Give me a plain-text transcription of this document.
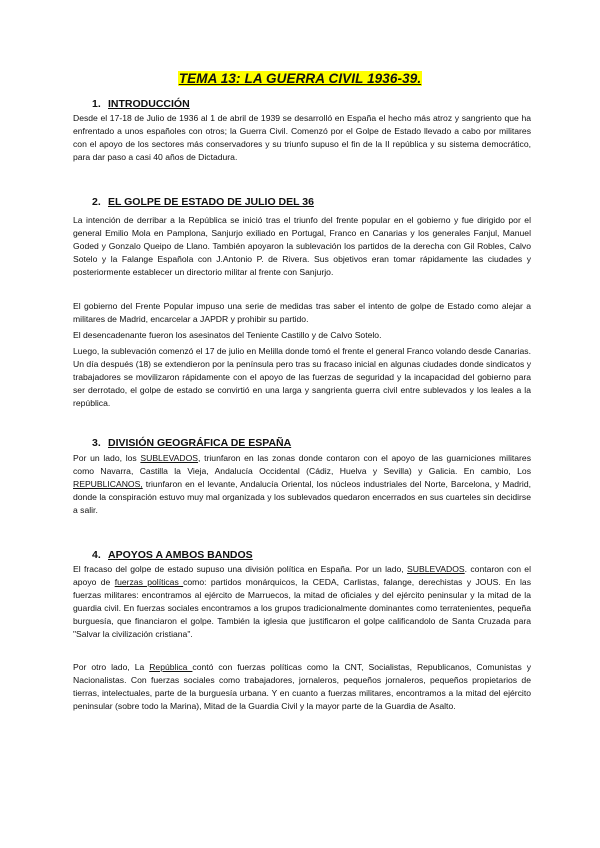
TEMA 13: LA GUERRA CIVIL 1936-39.
1. INTRODUCCIÓN

Desde el 17-18 de Julio de 1936 al 1 de abril de 1939 se desarrolló en España el hecho más atroz y sangriento que ha enfrentado a unos españoles con otros; la Guerra Civil. Comenzó por el Golpe de Estado llevado a cabo por militares con el apoyo de los sectores más conservadores y su triunfo supuso el fin de la II república y su sistema democrático, para dar paso a casi 40 años de Dictadura.

2. EL GOLPE DE ESTADO DE JULIO DEL 36

La intención de derribar a la República se inició tras el triunfo del frente popular en el gobierno y fue dirigido por el general Emilio Mola en Pamplona, Sanjurjo exiliado en Portugal, Franco en Canarias y los generales Fanjul, Manuel Goded y Gonzalo Queipo de Llano. También apoyaron la sublevación los partidos de la derecha con Gil Robles, Calvo Sotelo y la Falange Española con J.Antonio P. de Rivera. Sus objetivos eran tomar rápidamente las ciudades y posteriormente establecer un directorio militar al frente con Sanjurjo.

El gobierno del Frente Popular impuso una serie de medidas tras saber el intento de golpe de Estado como alejar a militares de Madrid, encarcelar a JAPDR y prohibir su partido.

El desencadenante fueron los asesinatos del Teniente Castillo y de Calvo Sotelo.

Luego, la sublevación comenzó el 17 de julio en Melilla donde tomó el frente el general Franco volando desde Canarias. Un día después (18) se extendieron por la península pero tras su fracaso inicial en algunas ciudades donde sindicatos y trabajadores se movilizaron rápidamente con el apoyo de las fuerzas de seguridad y la incapacidad del gobierno para ser derrotado, el golpe de estado se convirtió en una larga y sangrienta guerra civil entre sublevados y los leales a la república.

3. DIVISIÓN GEOGRÁFICA DE ESPAÑA

Por un lado, los SUBLEVADOS, triunfaron en las zonas donde contaron con el apoyo de las guarniciones militares como Navarra, Castilla la Vieja, Andalucía Occidental (Cádiz, Huelva y Sevilla) y Galicia. En cambio, Los REPUBLICANOS, triunfaron en el levante, Andalucía Oriental, los núcleos industriales del Norte, Barcelona, y Madrid, donde la conspiración estuvo muy mal organizada y los sublevados quedaron encerrados en sus cuarteles sin decidirse a salir.

4. APOYOS A AMBOS BANDOS

El fracaso del golpe de estado supuso una división política en España. Por un lado, SUBLEVADOS. contaron con el apoyo de fuerzas políticas como: partidos monárquicos, la CEDA, Carlistas, falange, derechistas y JOUS. En las fuerzas militares: encontramos al ejército de Marruecos, la mitad de oficiales y del ejército peninsular y la mitad de la guardia civil. En fuerzas sociales encontramos a los grupos tradicionalmente dominantes como terratenientes, pequeña burguesía, que financiaron el golpe. También la iglesia que justificaron el golpe calificandolo de Santa Cruzada para "Salvar la civilización cristiana".

Por otro lado, La República contó con fuerzas políticas como la CNT, Socialistas, Republicanos, Comunistas y Nacionalistas. Con fuerzas sociales como trabajadores, jornaleros, pequeños jornaleros, pequeños propietarios de tierras, intelectuales, parte de la burguesía urbana. Y en cuanto a fuerzas militares, encontramos a la mitad del ejército peninsular (sobre todo la Marina), Mitad de la Guardia Civil y la mayor parte de la Guardia de Asalto.
